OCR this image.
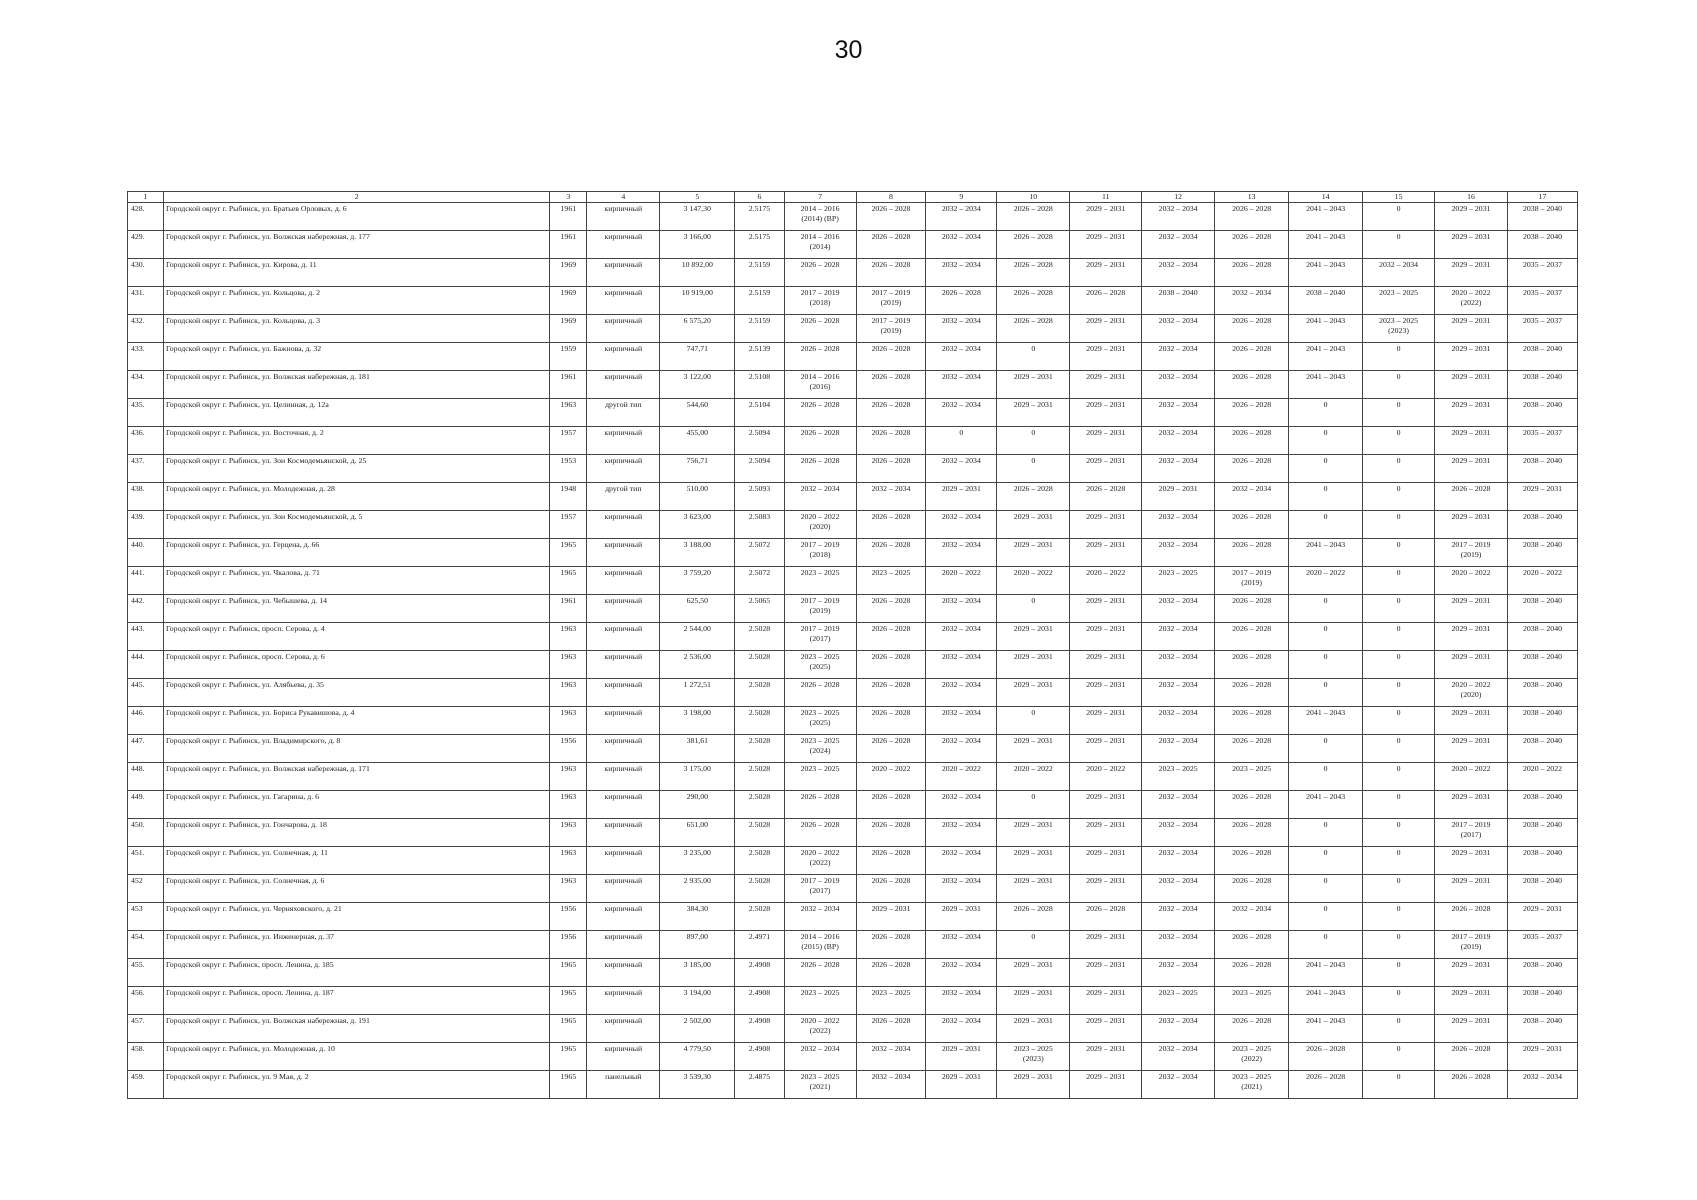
30
1	2	3	4	5	6	7	8	9	10	11	12	13	14	15	16	17

428.	Городской округ г. Рыбинск, ул. Братьев Орловых, д. 6	1961	кирпичный	3 147,30	2.5175	2014 – 2016
(2014) (ВР)	2026 – 2028	2032 – 2034	2026 – 2028	2029 – 2031	2032 – 2034	2026 – 2028	2041 – 2043	0	2029 – 2031	2038 – 2040

429.	Городской округ г. Рыбинск, ул. Волжская набережная, д. 177	1961	кирпичный	3 166,00	2.5175	2014 – 2016
(2014)	2026 – 2028	2032 – 2034	2026 – 2028	2029 – 2031	2032 – 2034	2026 – 2028	2041 – 2043	0	2029 – 2031	2038 – 2040

430.	Городской округ г. Рыбинск, ул. Кирова, д. 11	1969	кирпичный	10 892,00	2.5159	2026 – 2028	2026 – 2028	2032 – 2034	2026 – 2028	2029 – 2031	2032 – 2034	2026 – 2028	2041 – 2043	2032 – 2034	2029 – 2031	2035 – 2037

431.	Городской округ г. Рыбинск, ул. Кольцова, д. 2	1969	кирпичный	10 919,00	2.5159	2017 – 2019
(2018)	2017 – 2019
(2019)	2026 – 2028	2026 – 2028	2026 – 2028	2038 – 2040	2032 – 2034	2038 – 2040	2023 – 2025	2020 – 2022
(2022)	2035 – 2037

432.	Городской округ г. Рыбинск, ул. Кольцова, д. 3	1969	кирпичный	6 575,20	2.5159	2026 – 2028	2017 – 2019
(2019)	2032 – 2034	2026 – 2028	2029 – 2031	2032 – 2034	2026 – 2028	2041 – 2043	2023 – 2025
(2023)	2029 – 2031	2035 – 2037

433.	Городской округ г. Рыбинск, ул. Бажнова, д. 32	1959	кирпичный	747,71	2.5139	2026 – 2028	2026 – 2028	2032 – 2034	0	2029 – 2031	2032 – 2034	2026 – 2028	2041 – 2043	0	2029 – 2031	2038 – 2040

434.	Городской округ г. Рыбинск, ул. Волжская набережная, д. 181	1961	кирпичный	3 122,00	2.5108	2014 – 2016
(2016)	2026 – 2028	2032 – 2034	2029 – 2031	2029 – 2031	2032 – 2034	2026 – 2028	2041 – 2043	0	2029 – 2031	2038 – 2040

435.	Городской округ г. Рыбинск, ул. Целинная, д. 12а	1963	другой тип	544,60	2.5104	2026 – 2028	2026 – 2028	2032 – 2034	2029 – 2031	2029 – 2031	2032 – 2034	2026 – 2028	0	0	2029 – 2031	2038 – 2040

436.	Городской округ г. Рыбинск, ул. Восточная, д. 2	1957	кирпичный	455,00	2.5094	2026 – 2028	2026 – 2028	0	0	2029 – 2031	2032 – 2034	2026 – 2028	0	0	2029 – 2031	2035 – 2037

437.	Городской округ г. Рыбинск, ул. Зои Космодемьянской, д. 25	1953	кирпичный	756,71	2.5094	2026 – 2028	2026 – 2028	2032 – 2034	0	2029 – 2031	2032 – 2034	2026 – 2028	0	0	2029 – 2031	2038 – 2040

438.	Городской округ г. Рыбинск, ул. Молодежная, д. 28	1948	другой тип	510,00	2.5093	2032 – 2034	2032 – 2034	2029 – 2031	2026 – 2028	2026 – 2028	2029 – 2031	2032 – 2034	0	0	2026 – 2028	2029 – 2031

439.	Городской округ г. Рыбинск, ул. Зои Космодемьянской, д. 5	1957	кирпичный	3 623,00	2.5083	2020 – 2022
(2020)	2026 – 2028	2032 – 2034	2029 – 2031	2029 – 2031	2032 – 2034	2026 – 2028	0	0	2029 – 2031	2038 – 2040

440.	Городской округ г. Рыбинск, ул. Герцена, д. 66	1965	кирпичный	3 188,00	2.5072	2017 – 2019
(2018)	2026 – 2028	2032 – 2034	2029 – 2031	2029 – 2031	2032 – 2034	2026 – 2028	2041 – 2043	0	2017 – 2019
(2019)	2038 – 2040

441.	Городской округ г. Рыбинск, ул. Чкалова, д. 71	1965	кирпичный	3 759,20	2.5072	2023 – 2025	2023 – 2025	2020 – 2022	2020 – 2022	2020 – 2022	2023 – 2025	2017 – 2019
(2019)	2020 – 2022	0	2020 – 2022	2020 – 2022

442.	Городской округ г. Рыбинск, ул. Чебышева, д. 14	1961	кирпичный	625,50	2.5065	2017 – 2019
(2019)	2026 – 2028	2032 – 2034	0	2029 – 2031	2032 – 2034	2026 – 2028	0	0	2029 – 2031	2038 – 2040

443.	Городской округ г. Рыбинск, просп. Серова, д. 4	1963	кирпичный	2 544,00	2.5028	2017 – 2019
(2017)	2026 – 2028	2032 – 2034	2029 – 2031	2029 – 2031	2032 – 2034	2026 – 2028	0	0	2029 – 2031	2038 – 2040

444.	Городской округ г. Рыбинск, просп. Серова, д. 6	1963	кирпичный	2 536,00	2.5028	2023 – 2025
(2025)	2026 – 2028	2032 – 2034	2029 – 2031	2029 – 2031	2032 – 2034	2026 – 2028	0	0	2029 – 2031	2038 – 2040

445.	Городской округ г. Рыбинск, ул. Алябьева, д. 35	1963	кирпичный	1 272,51	2.5028	2026 – 2028	2026 – 2028	2032 – 2034	2029 – 2031	2029 – 2031	2032 – 2034	2026 – 2028	0	0	2020 – 2022
(2020)	2038 – 2040

446.	Городской округ г. Рыбинск, ул. Бориса Рукавишова, д. 4	1963	кирпичный	3 198,00	2.5028	2023 – 2025
(2025)	2026 – 2028	2032 – 2034	0	2029 – 2031	2032 – 2034	2026 – 2028	2041 – 2043	0	2029 – 2031	2038 – 2040

447.	Городской округ г. Рыбинск, ул. Владимирского, д. 8	1956	кирпичный	381,61	2.5028	2023 – 2025
(2024)	2026 – 2028	2032 – 2034	2029 – 2031	2029 – 2031	2032 – 2034	2026 – 2028	0	0	2029 – 2031	2038 – 2040

448.	Городской округ г. Рыбинск, ул. Волжская набережная, д. 171	1963	кирпичный	3 175,00	2.5028	2023 – 2025	2020 – 2022	2020 – 2022	2020 – 2022	2020 – 2022	2023 – 2025	2023 – 2025	0	0	2020 – 2022	2020 – 2022

449.	Городской округ г. Рыбинск, ул. Гагарина, д. 6	1963	кирпичный	290,00	2.5028	2026 – 2028	2026 – 2028	2032 – 2034	0	2029 – 2031	2032 – 2034	2026 – 2028	2041 – 2043	0	2029 – 2031	2038 – 2040

450.	Городской округ г. Рыбинск, ул. Гончарова, д. 18	1963	кирпичный	651,00	2.5028	2026 – 2028	2026 – 2028	2032 – 2034	2029 – 2031	2029 – 2031	2032 – 2034	2026 – 2028	0	0	2017 – 2019
(2017)	2038 – 2040

451.	Городской округ г. Рыбинск, ул. Солнечная, д. 11	1963	кирпичный	3 235,00	2.5028	2020 – 2022
(2022)	2026 – 2028	2032 – 2034	2029 – 2031	2029 – 2031	2032 – 2034	2026 – 2028	0	0	2029 – 2031	2038 – 2040

452	Городской округ г. Рыбинск, ул. Солнечная, д. 6	1963	кирпичный	2 935,00	2.5028	2017 – 2019
(2017)	2026 – 2028	2032 – 2034	2029 – 2031	2029 – 2031	2032 – 2034	2026 – 2028	0	0	2029 – 2031	2038 – 2040

453	Городской округ г. Рыбинск, ул. Черняховского, д. 21	1956	кирпичный	384,30	2.5028	2032 – 2034	2029 – 2031	2029 – 2031	2026 – 2028	2026 – 2028	2032 – 2034	2032 – 2034	0	0	2026 – 2028	2029 – 2031

454.	Городской округ г. Рыбинск, ул. Инженерная, д. 37	1956	кирпичный	897,00	2.4971	2014 – 2016
(2015) (ВР)	2026 – 2028	2032 – 2034	0	2029 – 2031	2032 – 2034	2026 – 2028	0	0	2017 – 2019
(2019)	2035 – 2037

455.	Городской округ г. Рыбинск, просп. Ленина, д. 185	1965	кирпичный	3 185,00	2.4908	2026 – 2028	2026 – 2028	2032 – 2034	2029 – 2031	2029 – 2031	2032 – 2034	2026 – 2028	2041 – 2043	0	2029 – 2031	2038 – 2040

456.	Городской округ г. Рыбинск, просп. Ленина, д. 187	1965	кирпичный	3 194,00	2.4908	2023 – 2025	2023 – 2025	2032 – 2034	2029 – 2031	2029 – 2031	2023 – 2025	2023 – 2025	2041 – 2043	0	2029 – 2031	2038 – 2040

457.	Городской округ г. Рыбинск, ул. Волжская набережная, д. 191	1965	кирпичный	2 502,00	2.4908	2020 – 2022
(2022)	2026 – 2028	2032 – 2034	2029 – 2031	2029 – 2031	2032 – 2034	2026 – 2028	2041 – 2043	0	2029 – 2031	2038 – 2040

458.	Городской округ г. Рыбинск, ул. Молодежная, д. 10	1965	кирпичный	4 779,50	2.4908	2032 – 2034	2032 – 2034	2029 – 2031	2023 – 2025
(2023)	2029 – 2031	2032 – 2034	2023 – 2025
(2022)	2026 – 2028	0	2026 – 2028	2029 – 2031

459.	Городской округ г. Рыбинск, ул. 9 Мая, д. 2	1965	панельный	3 539,30	2.4875	2023 – 2025
(2021)	2032 – 2034	2029 – 2031	2029 – 2031	2029 – 2031	2032 – 2034	2023 – 2025
(2021)	2026 – 2028	0	2026 – 2028	2032 – 2034
